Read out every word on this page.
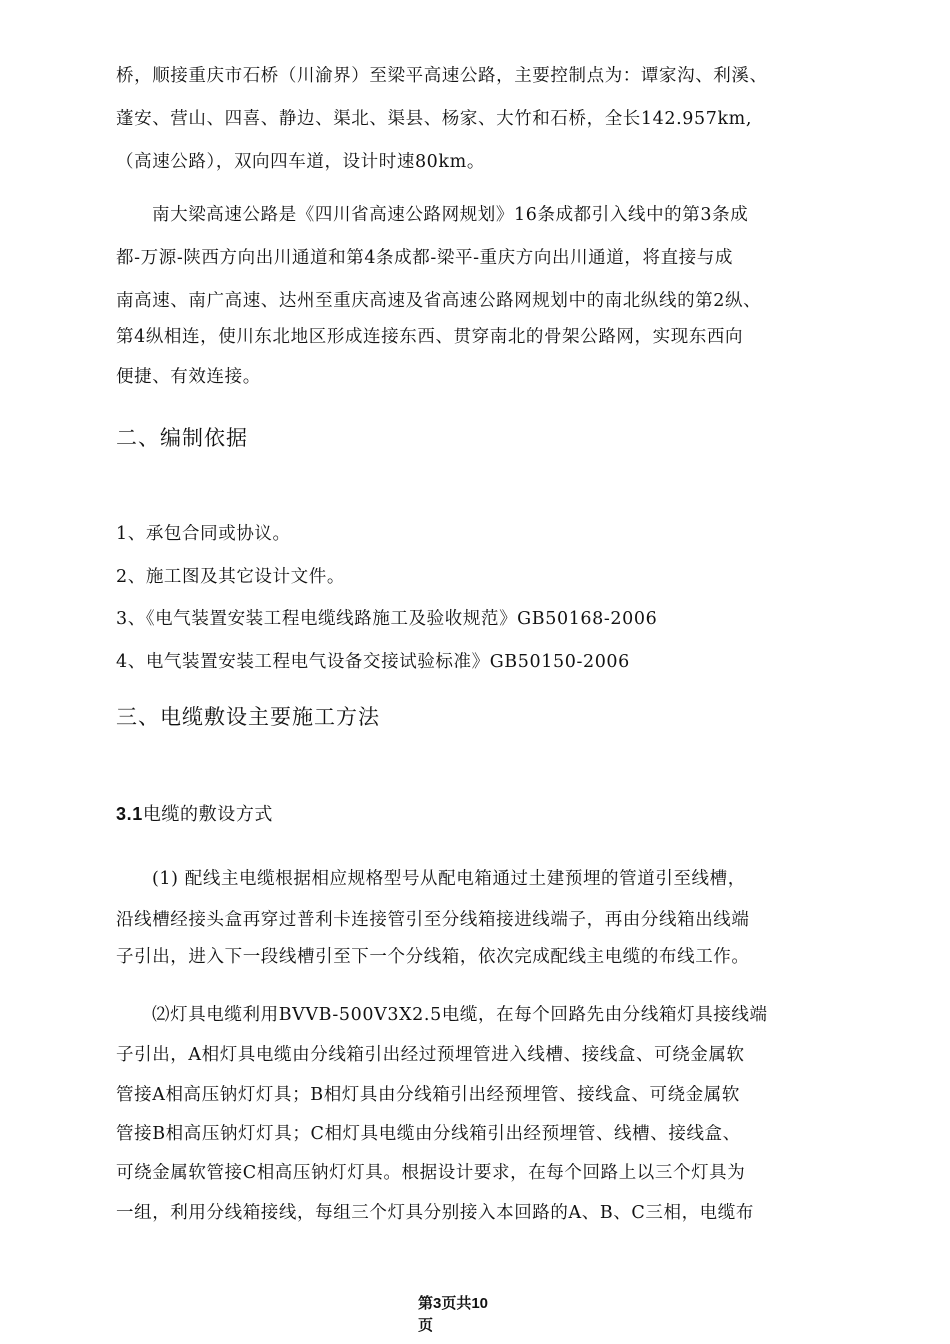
桥，顺接重庆市石桥（川渝界）至梁平高速公路，主要控制点为：谭家沟、利溪、
蓬安、营山、四喜、静边、渠北、渠县、杨家、大竹和石桥，全长142.957km,
（高速公路），双向四车道，设计时速80km。
南大梁高速公路是《四川省高速公路网规划》16条成都引入线中的第3条成
都-万源-陕西方向出川通道和第4条成都-梁平-重庆方向出川通道，将直接与成
南高速、南广高速、达州至重庆高速及省高速公路网规划中的南北纵线的第2纵、
第4纵相连，使川东北地区形成连接东西、贯穿南北的骨架公路网，实现东西向
便捷、有效连接。
二、编制依据
1、承包合同或协议。
2、施工图及其它设计文件。
3、《电气装置安装工程电缆线路施工及验收规范》GB50168-2006
4、电气装置安装工程电气设备交接试验标准》GB50150-2006
三、电缆敷设主要施工方法
3.1电缆的敷设方式
(1) 配线主电缆根据相应规格型号从配电箱通过土建预埋的管道引至线槽，
沿线槽经接头盒再穿过普利卡连接管引至分线箱接进线端子，再由分线箱出线端
子引出，进入下一段线槽引至下一个分线箱，依次完成配线主电缆的布线工作。
⑵灯具电缆利用BVVB-500V3X2.5电缆，在每个回路先由分线箱灯具接线端
子引出，A相灯具电缆由分线箱引出经过预埋管进入线槽、接线盒、可绕金属软
管接A相高压钠灯灯具；B相灯具由分线箱引出经预埋管、接线盒、可绕金属软
管接B相高压钠灯灯具；C相灯具电缆由分线箱引出经预埋管、线槽、接线盒、
可绕金属软管接C相高压钠灯灯具。根据设计要求，在每个回路上以三个灯具为
一组，利用分线箱接线，每组三个灯具分别接入本回路的A、B、C三相，电缆布
第3页共10
页
